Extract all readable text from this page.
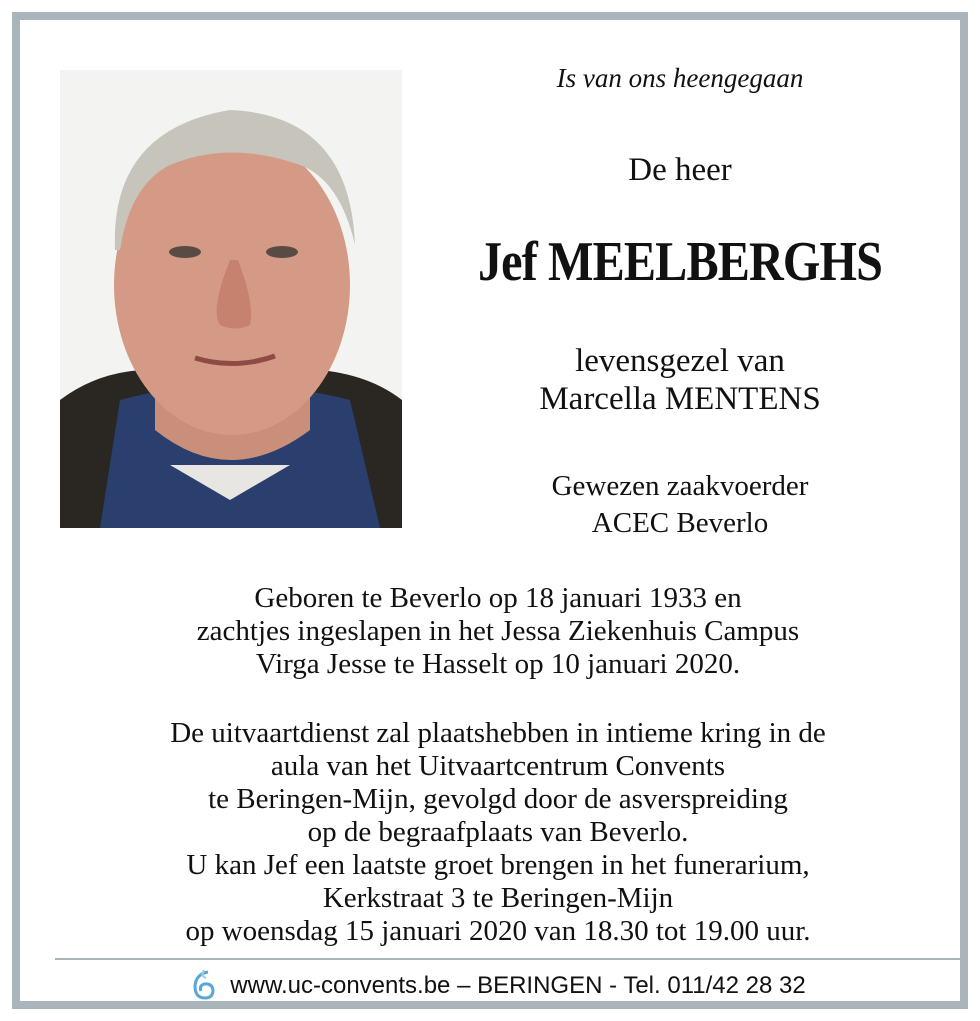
Is van ons heengegaan
De heer
Jef MEELBERGHS
levensgezel van
Marcella MENTENS
Gewezen zaakvoerder
ACEC Beverlo
Geboren te Beverlo op 18 januari 1933 en
zachtjes ingeslapen in het Jessa Ziekenhuis Campus
Virga Jesse te Hasselt op 10 januari 2020.
De uitvaartdienst zal plaatshebben in intieme kring in de
aula van het Uitvaartcentrum Convents
te Beringen-Mijn, gevolgd door de asverspreiding
op de begraafplaats van Beverlo.
U kan Jef een laatste groet brengen in het funerarium,
Kerkstraat 3 te Beringen-Mijn
op woensdag 15 januari 2020 van 18.30 tot 19.00 uur.
www.uc-convents.be – BERINGEN - Tel. 011/42 28 32
